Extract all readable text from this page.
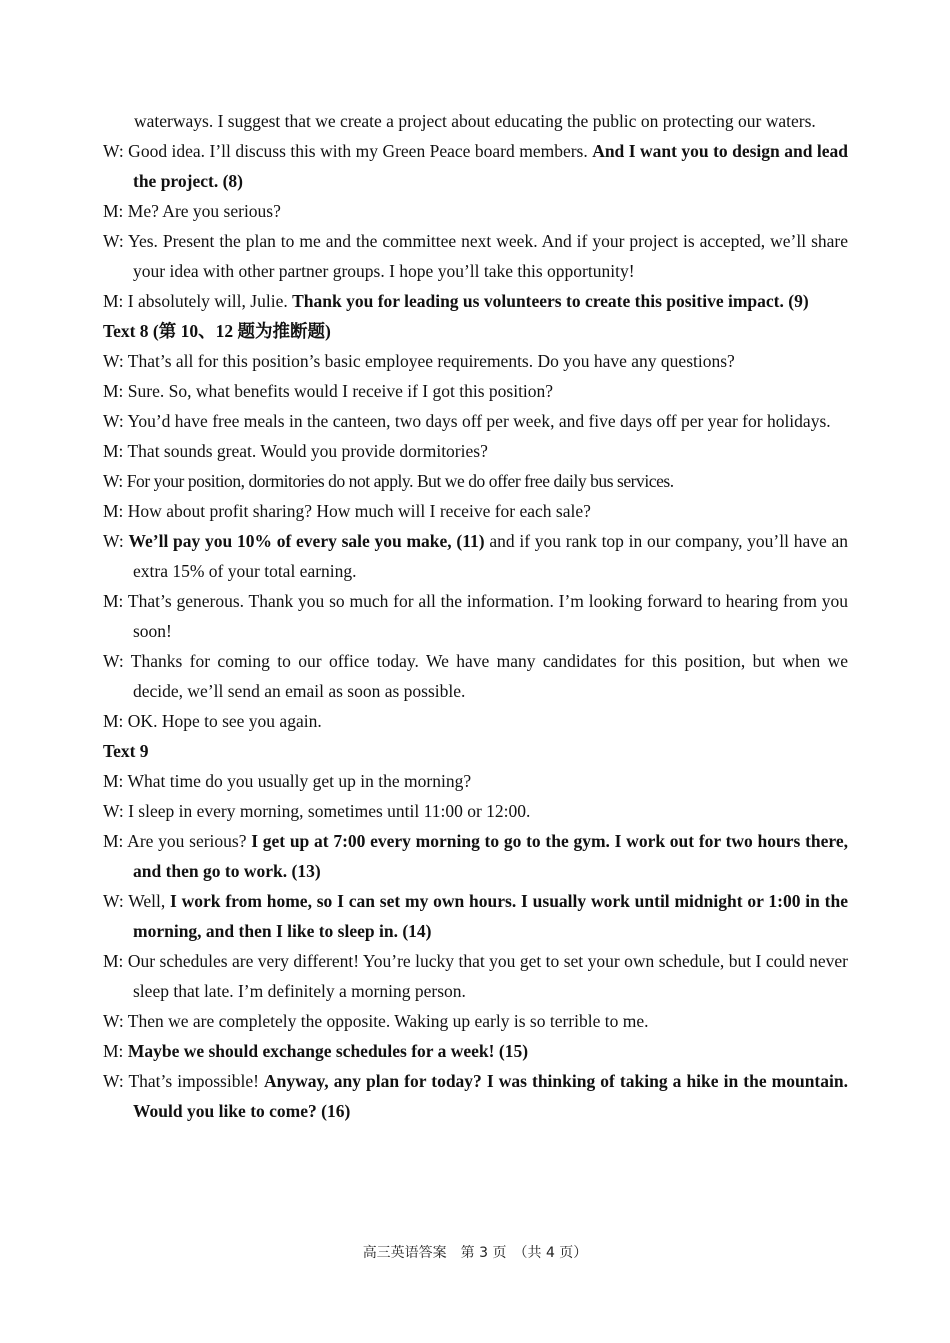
waterways. I suggest that we create a project about educating the public on protecting our waters.
W: Good idea. I’ll discuss this with my Green Peace board members. And I want you to design and lead the project. (8)
M: Me? Are you serious?
W: Yes. Present the plan to me and the committee next week. And if your project is accepted, we’ll share your idea with other partner groups. I hope you’ll take this opportunity!
M: I absolutely will, Julie. Thank you for leading us volunteers to create this positive impact. (9)
Text 8 (第 10、12 题为推断题)
W: That’s all for this position’s basic employee requirements. Do you have any questions?
M: Sure. So, what benefits would I receive if I got this position?
W: You’d have free meals in the canteen, two days off per week, and five days off per year for holidays.
M: That sounds great. Would you provide dormitories?
W: For your position, dormitories do not apply. But we do offer free daily bus services.
M: How about profit sharing? How much will I receive for each sale?
W: We’ll pay you 10% of every sale you make, (11) and if you rank top in our company, you’ll have an extra 15% of your total earning.
M: That’s generous. Thank you so much for all the information. I’m looking forward to hearing from you soon!
W: Thanks for coming to our office today. We have many candidates for this position, but when we decide, we’ll send an email as soon as possible.
M: OK. Hope to see you again.
Text 9
M: What time do you usually get up in the morning?
W: I sleep in every morning, sometimes until 11:00 or 12:00.
M: Are you serious? I get up at 7:00 every morning to go to the gym. I work out for two hours there, and then go to work. (13)
W: Well, I work from home, so I can set my own hours. I usually work until midnight or 1:00 in the morning, and then I like to sleep in. (14)
M: Our schedules are very different! You’re lucky that you get to set your own schedule, but I could never sleep that late. I’m definitely a morning person.
W: Then we are completely the opposite. Waking up early is so terrible to me.
M: Maybe we should exchange schedules for a week! (15)
W: That’s impossible! Anyway, any plan for today? I was thinking of taking a hike in the mountain. Would you like to come? (16)
高三英语答案　第 3 页　（共 4 页）
